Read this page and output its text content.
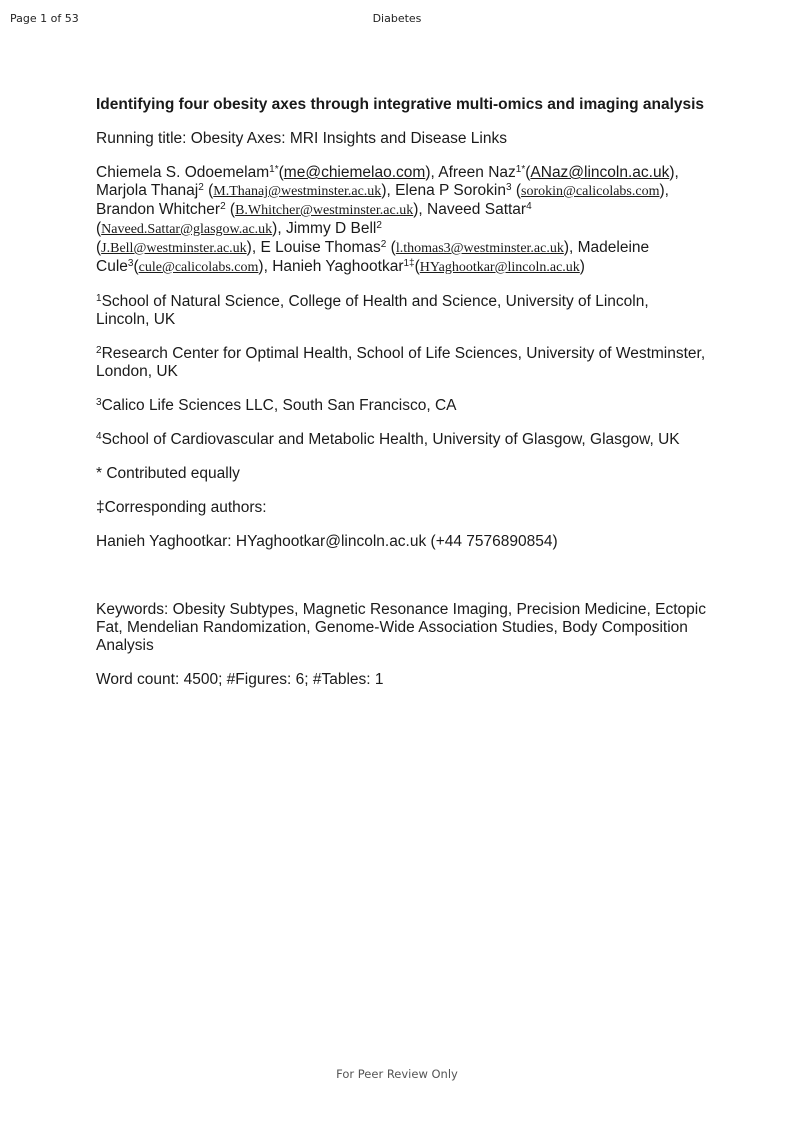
Page 1 of 53	Diabetes

Identifying four obesity axes through integrative multi-omics and imaging analysis

Running title: Obesity Axes: MRI Insights and Disease Links

Chiemela S. Odoemelam$^{1*}$(me@chiemelao.com), Afreen Naz$^{1*}$(ANaz@lincoln.ac.uk), Marjola Thanaj$^2$ (M.Thanaj@westminster.ac.uk), Elena P Sorokin$^3$ (sorokin@calicolabs.com), Brandon Whitcher$^2$ (B.Whitcher@westminster.ac.uk), Naveed Sattar$^4$ (Naveed.Sattar@glasgow.ac.uk), Jimmy D Bell$^2$
(J.Bell@westminster.ac.uk), E Louise Thomas$^2$ (l.thomas3@westminster.ac.uk), Madeleine Cule$^3$(cule@calicolabs.com), Hanieh Yaghootkar$^{1\ddagger}$(HYaghootkar@lincoln.ac.uk)

$^1$School of Natural Science, College of Health and Science, University of Lincoln, Lincoln, UK

$^2$Research Center for Optimal Health, School of Life Sciences, University of Westminster, London, UK

$^3$Calico Life Sciences LLC, South San Francisco, CA

$^4$School of Cardiovascular and Metabolic Health, University of Glasgow, Glasgow, UK

* Contributed equally

‡Corresponding authors:

Hanieh Yaghootkar: HYaghootkar@lincoln.ac.uk (+44 7576890854)

Keywords: Obesity Subtypes, Magnetic Resonance Imaging, Precision Medicine, Ectopic Fat, Mendelian Randomization, Genome-Wide Association Studies, Body Composition Analysis

Word count: 4500; #Figures: 6; #Tables: 1

For Peer Review Only
